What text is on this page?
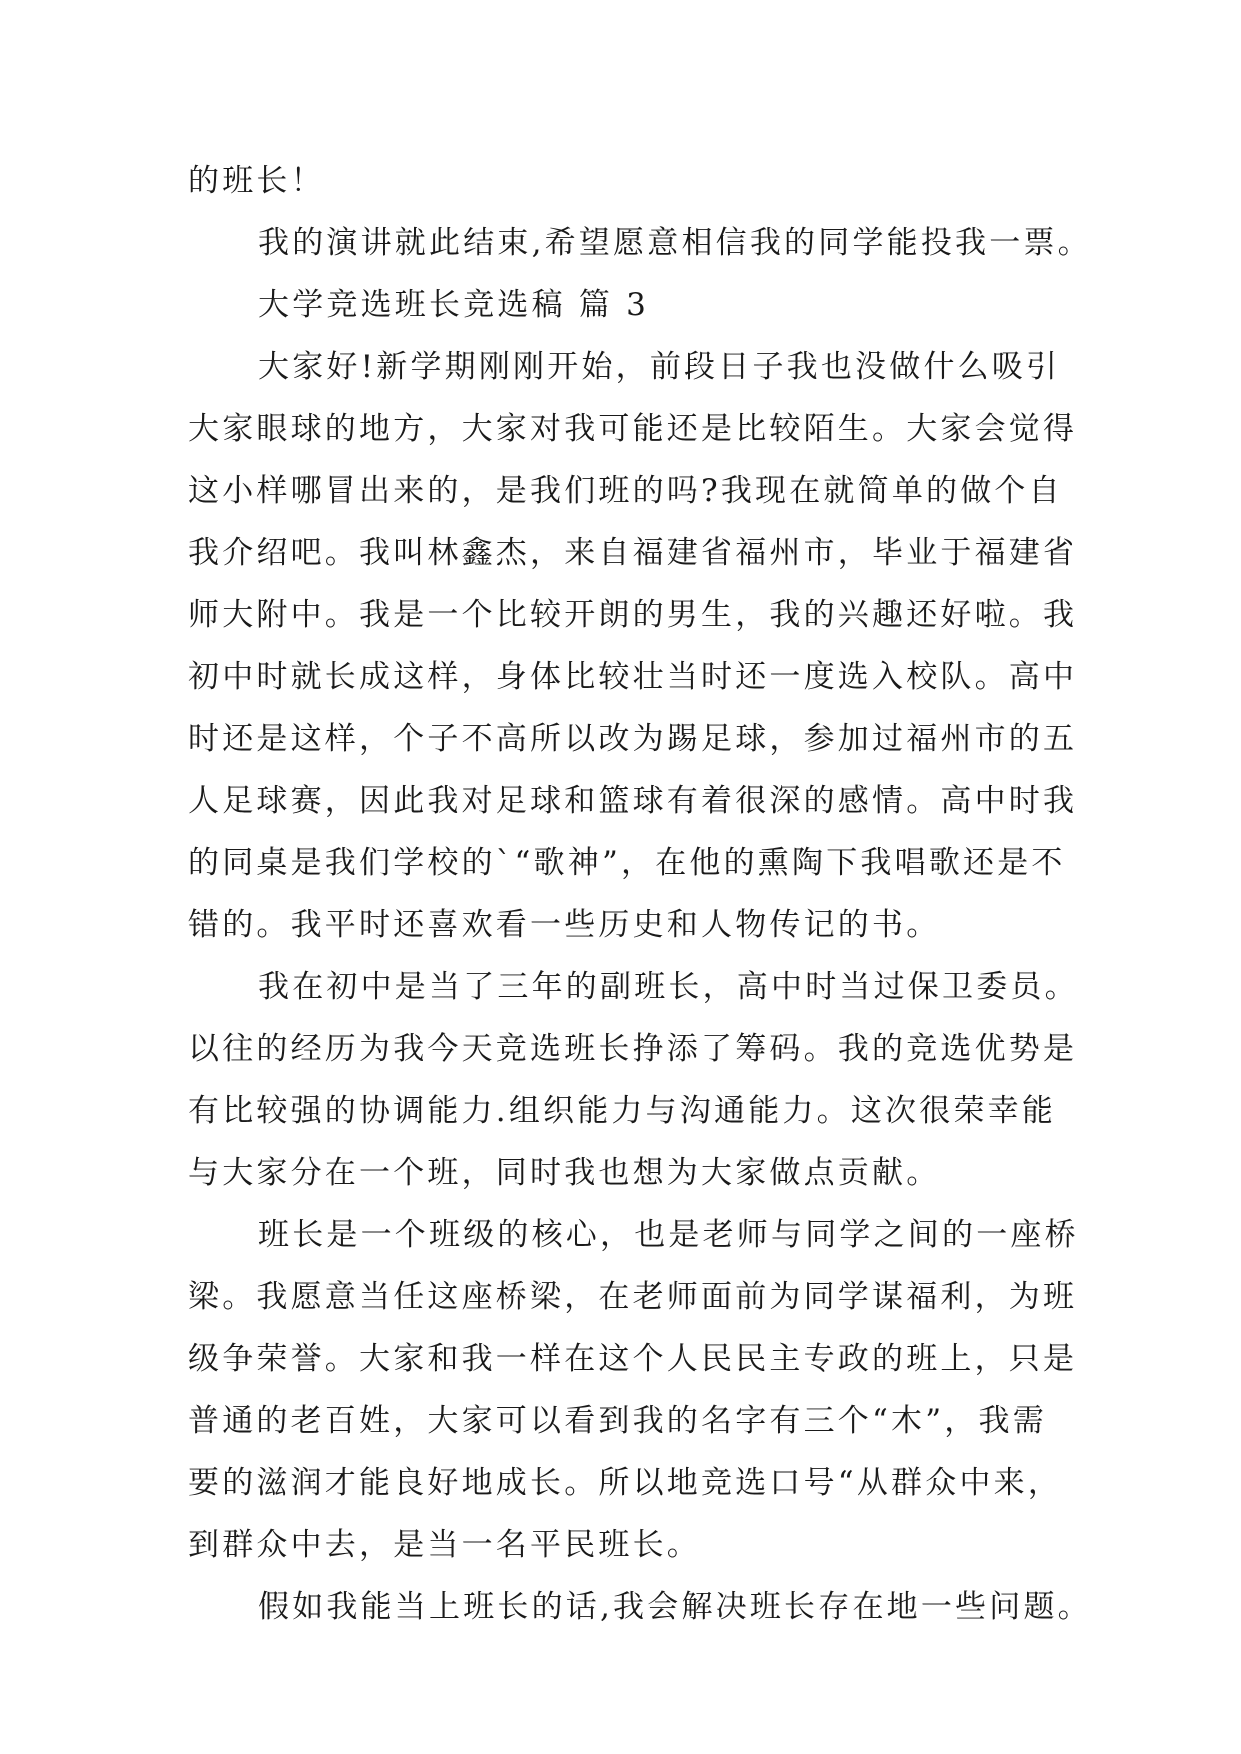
的班长！

我的演讲就此结束,希望愿意相信我的同学能投我一票。

大学竞选班长竞选稿 篇 3

大家好!新学期刚刚开始，前段日子我也没做什么吸引

大家眼球的地方，大家对我可能还是比较陌生。大家会觉得

这小样哪冒出来的，是我们班的吗?我现在就简单的做个自

我介绍吧。我叫林鑫杰，来自福建省福州市，毕业于福建省

师大附中。我是一个比较开朗的男生，我的兴趣还好啦。我

初中时就长成这样，身体比较壮当时还一度选入校队。高中

时还是这样，个子不高所以改为踢足球，参加过福州市的五

人足球赛，因此我对足球和篮球有着很深的感情。高中时我

的同桌是我们学校的`“歌神”，在他的熏陶下我唱歌还是不

错的。我平时还喜欢看一些历史和人物传记的书。

我在初中是当了三年的副班长，高中时当过保卫委员。

以往的经历为我今天竞选班长挣添了筹码。我的竞选优势是

有比较强的协调能力.组织能力与沟通能力。这次很荣幸能

与大家分在一个班，同时我也想为大家做点贡献。

班长是一个班级的核心，也是老师与同学之间的一座桥

梁。我愿意当任这座桥梁，在老师面前为同学谋福利，为班

级争荣誉。大家和我一样在这个人民民主专政的班上，只是

普通的老百姓，大家可以看到我的名字有三个“木”，我需

要的滋润才能良好地成长。所以地竞选口号“从群众中来，

到群众中去，是当一名平民班长。

假如我能当上班长的话,我会解决班长存在地一些问题。
